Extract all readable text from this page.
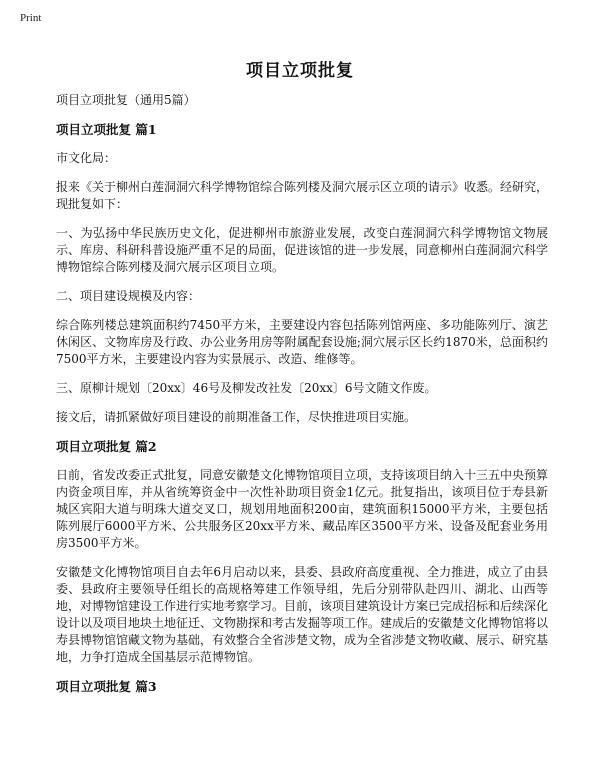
Print
项目立项批复

项目立项批复（通用5篇）

项目立项批复 篇1

市文化局：

报来《关于柳州白莲洞洞穴科学博物馆综合陈列楼及洞穴展示区立项的请示》收悉。经研究，现批复如下：

一、为弘扬中华民族历史文化，促进柳州市旅游业发展，改变白莲洞洞穴科学博物馆文物展示、库房、科研科普设施严重不足的局面，促进该馆的进一步发展，同意柳州白莲洞洞穴科学博物馆综合陈列楼及洞穴展示区项目立项。

二、项目建设规模及内容：

综合陈列楼总建筑面积约7450平方米，主要建设内容包括陈列馆两座、多功能陈列厅、演艺休闲区、文物库房及行政、办公业务用房等附属配套设施;洞穴展示区长约1870米，总面积约7500平方米，主要建设内容为实景展示、改造、维修等。

三、原柳计规划〔20xx〕46号及柳发改社发〔20xx〕6号文随文作废。

接文后，请抓紧做好项目建设的前期准备工作，尽快推进项目实施。

项目立项批复 篇2

日前，省发改委正式批复，同意安徽楚文化博物馆项目立项，支持该项目纳入十三五中央预算内资金项目库，并从省统筹资金中一次性补助项目资金1亿元。批复指出，该项目位于寿县新城区宾阳大道与明珠大道交叉口，规划用地面积200亩，建筑面积15000平方米，主要包括陈列展厅6000平方米、公共服务区20xx平方米、藏品库区3500平方米、设备及配套业务用房3500平方米。

安徽楚文化博物馆项目自去年6月启动以来，县委、县政府高度重视、全力推进，成立了由县委、县政府主要领导任组长的高规格筹建工作领导组，先后分别带队赴四川、湖北、山西等地，对博物馆建设工作进行实地考察学习。目前，该项目建筑设计方案已完成招标和后续深化设计以及项目地块土地征迁、文物勘探和考古发掘等项工作。建成后的安徽楚文化博物馆将以寿县博物馆馆藏文物为基础，有效整合全省涉楚文物，成为全省涉楚文物收藏、展示、研究基地，力争打造成全国基层示范博物馆。

项目立项批复 篇3
